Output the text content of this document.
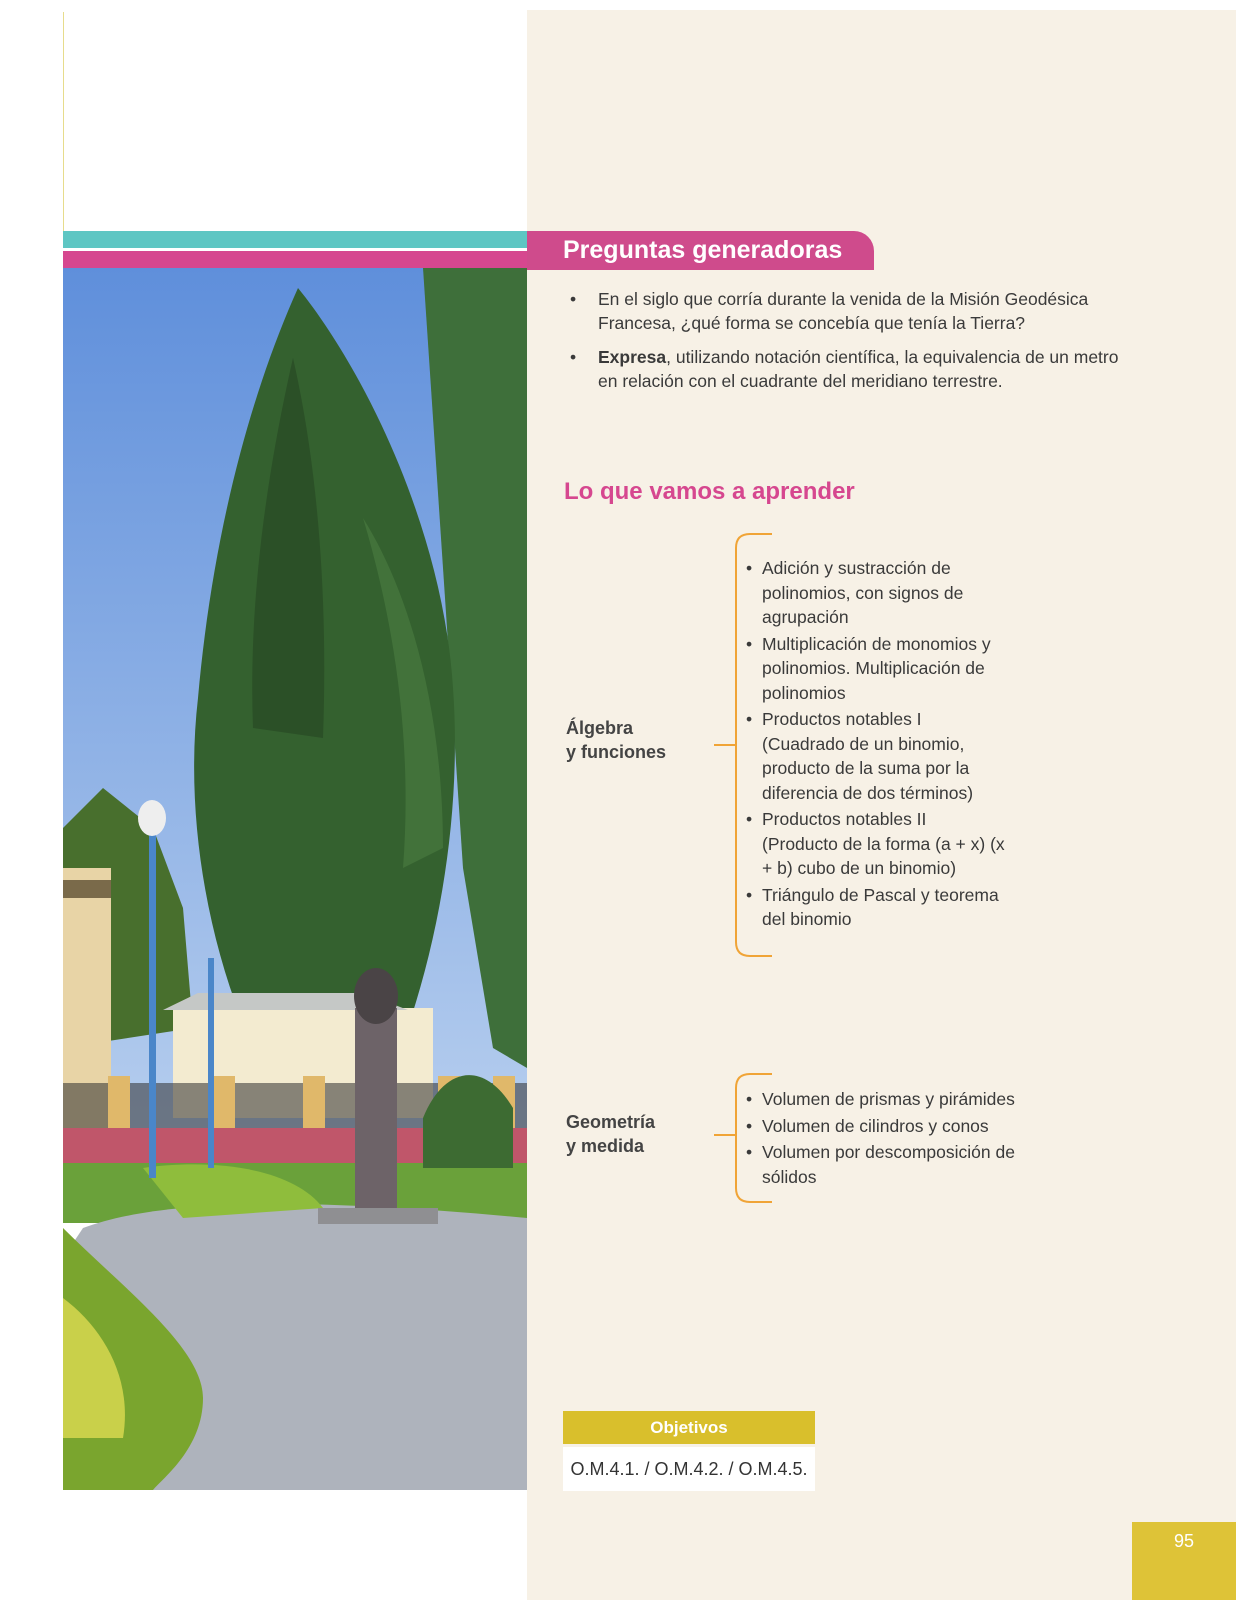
Preguntas generadoras
• En el siglo que corría durante la venida de la Misión Geodésica Francesa, ¿qué forma se concebía que tenía la Tierra?
• Expresa, utilizando notación científica, la equivalencia de un metro en relación con el cuadrante del meridiano terrestre.
Lo que vamos a aprender
Álgebra
y funciones
• Adición y sustracción de polinomios, con signos de agrupación
• Multiplicación de monomios y polinomios. Multiplicación de polinomios
• Productos notables I (Cuadrado de un binomio, producto de la suma por la diferencia de dos términos)
• Productos notables II (Producto de la forma (a + x) (x + b) cubo de un binomio)
• Triángulo de Pascal y teorema del binomio
Geometría
y medida
• Volumen de prismas y pirámides
• Volumen de cilindros y conos
• Volumen por descomposición de sólidos
Objetivos
O.M.4.1. / O.M.4.2. / O.M.4.5.
95
